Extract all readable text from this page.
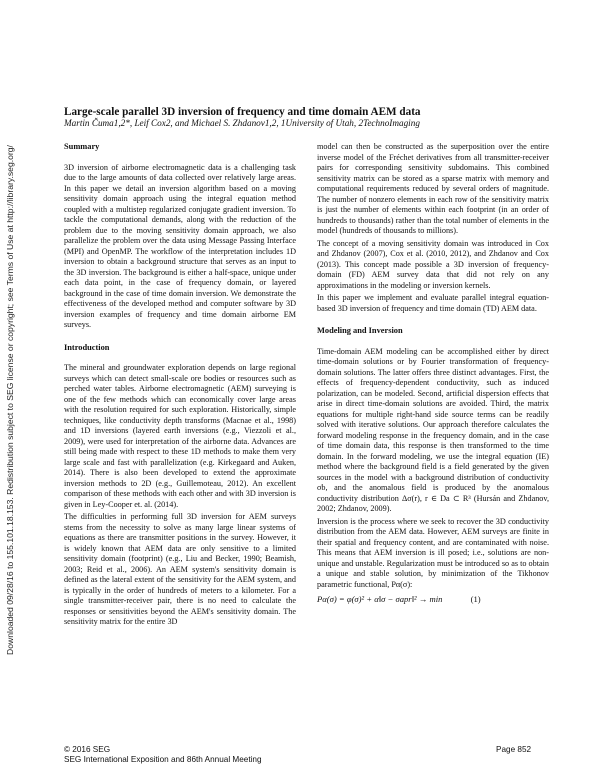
Downloaded 09/28/16 to 155.101.18.153. Redistribution subject to SEG license or copyright; see Terms of Use at http://library.seg.org/
Large-scale parallel 3D inversion of frequency and time domain AEM data
Martin Čuma1,2*, Leif Cox2, and Michael S. Zhdanov1,2, 1University of Utah, 2TechnoImaging
Summary

3D inversion of airborne electromagnetic data is a challenging task due to the large amounts of data collected over relatively large areas. In this paper we detail an inversion algorithm based on a moving sensitivity domain approach using the integral equation method coupled with a multistep regularized conjugate gradient inversion. To tackle the computational demands, along with the reduction of the problem due to the moving sensitivity domain approach, we also parallelize the problem over the data using Message Passing Interface (MPI) and OpenMP. The workflow of the interpretation includes 1D inversion to obtain a background structure that serves as an input to the 3D inversion. The background is either a half-space, unique under each data point, in the case of frequency domain, or layered background in the case of time domain inversion. We demonstrate the effectiveness of the developed method and computer software by 3D inversion examples of frequency and time domain airborne EM surveys.

Introduction

The mineral and groundwater exploration depends on large regional surveys which can detect small-scale ore bodies or resources such as perched water tables. Airborne electromagnetic (AEM) surveying is one of the few methods which can economically cover large areas with the resolution required for such exploration. Historically, simple techniques, like conductivity depth transforms (Macnae et al., 1998) and 1D inversions (layered earth inversions (e.g., Viezzoli et al., 2009), were used for interpretation of the airborne data. Advances are still being made with respect to these 1D methods to make them very large scale and fast with parallelization (e.g. Kirkegaard and Auken, 2014). There is also been developed to extend the approximate inversion methods to 2D (e.g., Guillemoteau, 2012). An excellent comparison of these methods with each other and with 3D inversion is given in Ley-Cooper et. al. (2014).

The difficulties in performing full 3D inversion for AEM surveys stems from the necessity to solve as many large linear systems of equations as there are transmitter positions in the survey. However, it is widely known that AEM data are only sensitive to a limited sensitivity domain (footprint) (e.g., Liu and Becker, 1990; Beamish, 2003; Reid et al., 2006). An AEM system's sensitivity domain is defined as the lateral extent of the sensitivity for the AEM system, and is typically in the order of hundreds of meters to a kilometer. For a single transmitter-receiver pair, there is no need to calculate the responses or sensitivities beyond the AEM's sensitivity domain. The sensitivity matrix for the entire 3D

model can then be constructed as the superposition over the entire inverse model of the Fréchet derivatives from all transmitter-receiver pairs for corresponding sensitivity subdomains. This combined sensitivity matrix can be stored as a sparse matrix with memory and computational requirements reduced by several orders of magnitude. The number of nonzero elements in each row of the sensitivity matrix is just the number of elements within each footprint (in an order of hundreds to thousands) rather than the total number of elements in the model (hundreds of thousands to millions).

The concept of a moving sensitivity domain was introduced in Cox and Zhdanov (2007), Cox et al. (2010, 2012), and Zhdanov and Cox (2013). This concept made possible a 3D inversion of frequency-domain (FD) AEM survey data that did not rely on any approximations in the modeling or inversion kernels.

In this paper we implement and evaluate parallel integral equation-based 3D inversion of frequency and time domain (TD) AEM data.

Modeling and Inversion

Time-domain AEM modeling can be accomplished either by direct time-domain solutions or by Fourier transformation of frequency-domain solutions. The latter offers three distinct advantages. First, the effects of frequency-dependent conductivity, such as induced polarization, can be modeled. Second, artificial dispersion effects that arise in direct time-domain solutions are avoided. Third, the matrix equations for multiple right-hand side source terms can be readily solved with iterative solutions. Our approach therefore calculates the forward modeling response in the frequency domain, and in the case of time domain data, this response is then transformed to the time domain. In the forward modeling, we use the integral equation (IE) method where the background field is a field generated by the given sources in the model with a background distribution of conductivity σb, and the anomalous field is produced by the anomalous conductivity distribution Δσ(r), r ∈ Da ⊂ R³ (Hursán and Zhdanov, 2002; Zhdanov, 2009).

Inversion is the process where we seek to recover the 3D conductivity distribution from the AEM data. However, AEM surveys are finite in their spatial and frequency content, and are contaminated with noise. This means that AEM inversion is ill posed; i.e., solutions are non-unique and unstable. Regularization must be introduced so as to obtain a unique and stable solution, by minimization of the Tikhonov parametric functional, Pα(σ):

Pα(σ) = φ(σ)² + α‖σ − σapr‖² → min	(1)
© 2016 SEG
SEG International Exposition and 86th Annual Meeting
Page 852
